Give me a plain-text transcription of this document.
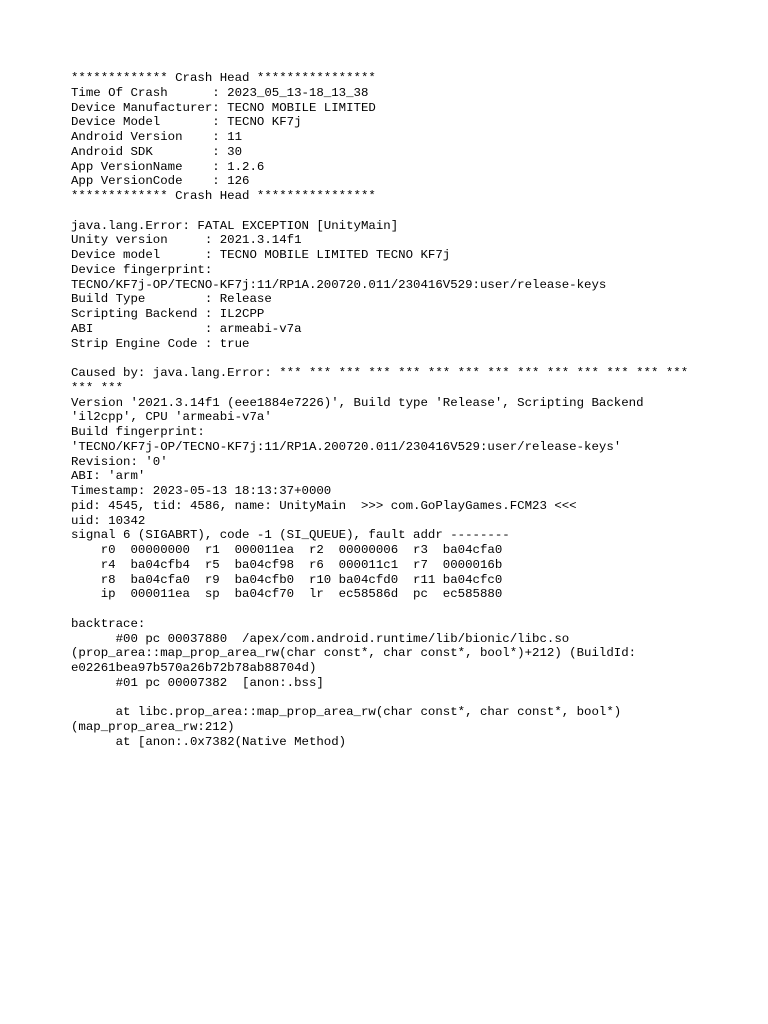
************* Crash Head ****************
Time Of Crash      : 2023_05_13-18_13_38
Device Manufacturer: TECNO MOBILE LIMITED
Device Model       : TECNO KF7j
Android Version    : 11
Android SDK        : 30
App VersionName    : 1.2.6
App VersionCode    : 126
************* Crash Head ****************
java.lang.Error: FATAL EXCEPTION [UnityMain]
Unity version     : 2021.3.14f1
Device model      : TECNO MOBILE LIMITED TECNO KF7j
Device fingerprint:
TECNO/KF7j-OP/TECNO-KF7j:11/RP1A.200720.011/230416V529:user/release-keys
Build Type        : Release
Scripting Backend : IL2CPP
ABI               : armeabi-v7a
Strip Engine Code : true
Caused by: java.lang.Error: *** *** *** *** *** *** *** *** *** *** *** *** *** ***
*** ***
Version '2021.3.14f1 (eee1884e7226)', Build type 'Release', Scripting Backend
'il2cpp', CPU 'armeabi-v7a'
Build fingerprint:
'TECNO/KF7j-OP/TECNO-KF7j:11/RP1A.200720.011/230416V529:user/release-keys'
Revision: '0'
ABI: 'arm'
Timestamp: 2023-05-13 18:13:37+0000
pid: 4545, tid: 4586, name: UnityMain  >>> com.GoPlayGames.FCM23 <<<
uid: 10342
signal 6 (SIGABRT), code -1 (SI_QUEUE), fault addr --------
r0  00000000  r1  000011ea  r2  00000006  r3  ba04cfa0
r4  ba04cfb4  r5  ba04cf98  r6  000011c1  r7  0000016b
r8  ba04cfa0  r9  ba04cfb0  r10 ba04cfd0  r11 ba04cfc0
ip  000011ea  sp  ba04cf70  lr  ec58586d  pc  ec585880
backtrace:
#00 pc 00037880  /apex/com.android.runtime/lib/bionic/libc.so
(prop_area::map_prop_area_rw(char const*, char const*, bool*)+212) (BuildId:
e02261bea97b570a26b72b78ab88704d)
#01 pc 00007382  [anon:.bss]
at libc.prop_area::map_prop_area_rw(char const*, char const*, bool*)
(map_prop_area_rw:212)
at [anon:.0x7382(Native Method)
